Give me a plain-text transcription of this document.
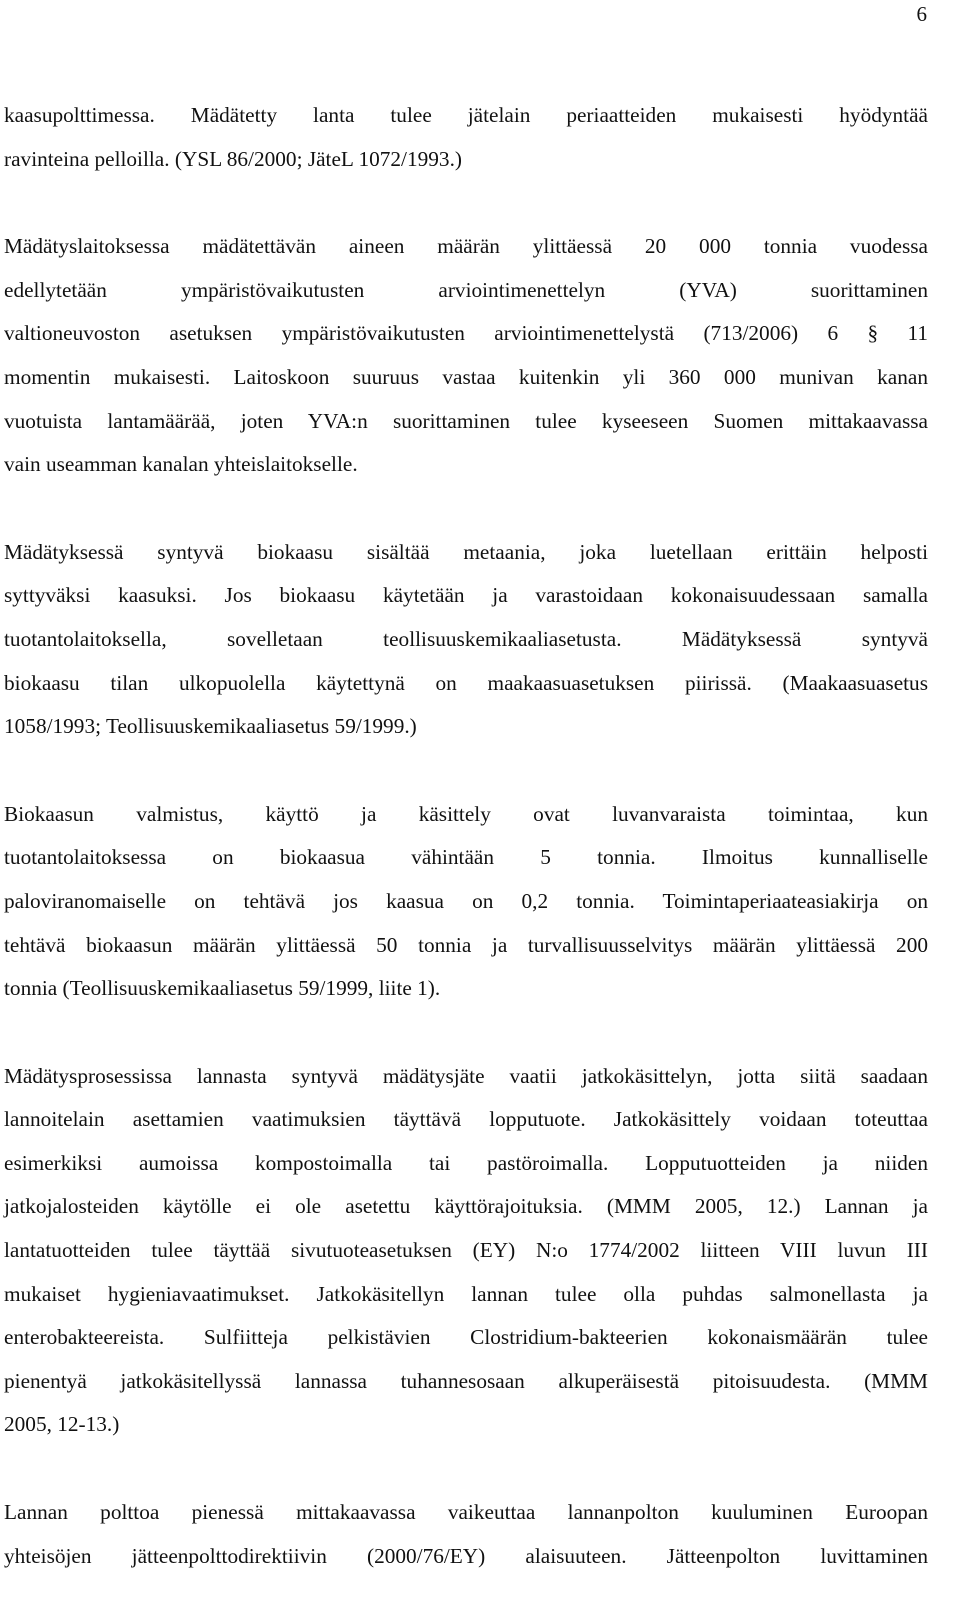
6
kaasupolttimessa. Mädätetty lanta tulee jätelain periaatteiden mukaisesti hyödyntää
ravinteina pelloilla. (YSL 86/2000; JäteL 1072/1993.)
Mädätyslaitoksessa mädätettävän aineen määrän ylittäessä 20 000 tonnia vuodessa
edellytetään ympäristövaikutusten arviointimenettelyn (YVA) suorittaminen
valtioneuvoston asetuksen ympäristövaikutusten arviointimenettelystä (713/2006) 6 § 11
momentin mukaisesti. Laitoskoon suuruus vastaa kuitenkin yli 360 000 munivan kanan
vuotuista lantamäärää, joten YVA:n suorittaminen tulee kyseeseen Suomen mittakaavassa
vain useamman kanalan yhteislaitokselle.
Mädätyksessä syntyvä biokaasu sisältää metaania, joka luetellaan erittäin helposti
syttyväksi kaasuksi. Jos biokaasu käytetään ja varastoidaan kokonaisuudessaan samalla
tuotantolaitoksella, sovelletaan teollisuuskemikaaliasetusta. Mädätyksessä syntyvä
biokaasu tilan ulkopuolella käytettynä on maakaasuasetuksen piirissä. (Maakaasuasetus
1058/1993; Teollisuuskemikaaliasetus 59/1999.)
Biokaasun valmistus, käyttö ja käsittely ovat luvanvaraista toimintaa, kun
tuotantolaitoksessa on biokaasua vähintään 5 tonnia. Ilmoitus kunnalliselle
paloviranomaiselle on tehtävä jos kaasua on 0,2 tonnia. Toimintaperiaateasiakirja on
tehtävä biokaasun määrän ylittäessä 50 tonnia ja turvallisuusselvitys määrän ylittäessä 200
tonnia (Teollisuuskemikaaliasetus 59/1999, liite 1).
Mädätysprosessissa lannasta syntyvä mädätysjäte vaatii jatkokäsittelyn, jotta siitä saadaan
lannoitelain asettamien vaatimuksien täyttävä lopputuote. Jatkokäsittely voidaan toteuttaa
esimerkiksi aumoissa kompostoimalla tai pastöroimalla. Lopputuotteiden ja niiden
jatkojalosteiden käytölle ei ole asetettu käyttörajoituksia. (MMM 2005, 12.) Lannan ja
lantatuotteiden tulee täyttää sivutuoteasetuksen (EY) N:o 1774/2002 liitteen VIII luvun III
mukaiset hygieniavaatimukset. Jatkokäsitellyn lannan tulee olla puhdas salmonellasta ja
enterobakteereista. Sulfiitteja pelkistävien Clostridium-bakteerien kokonaismäärän tulee
pienentyä jatkokäsitellyssä lannassa tuhannesosaan alkuperäisestä pitoisuudesta. (MMM
2005, 12-13.)
Lannan polttoa pienessä mittakaavassa vaikeuttaa lannanpolton kuuluminen Euroopan
yhteisöjen jätteenpolttodirektiivin (2000/76/EY) alaisuuteen. Jätteenpolton luvittaminen
